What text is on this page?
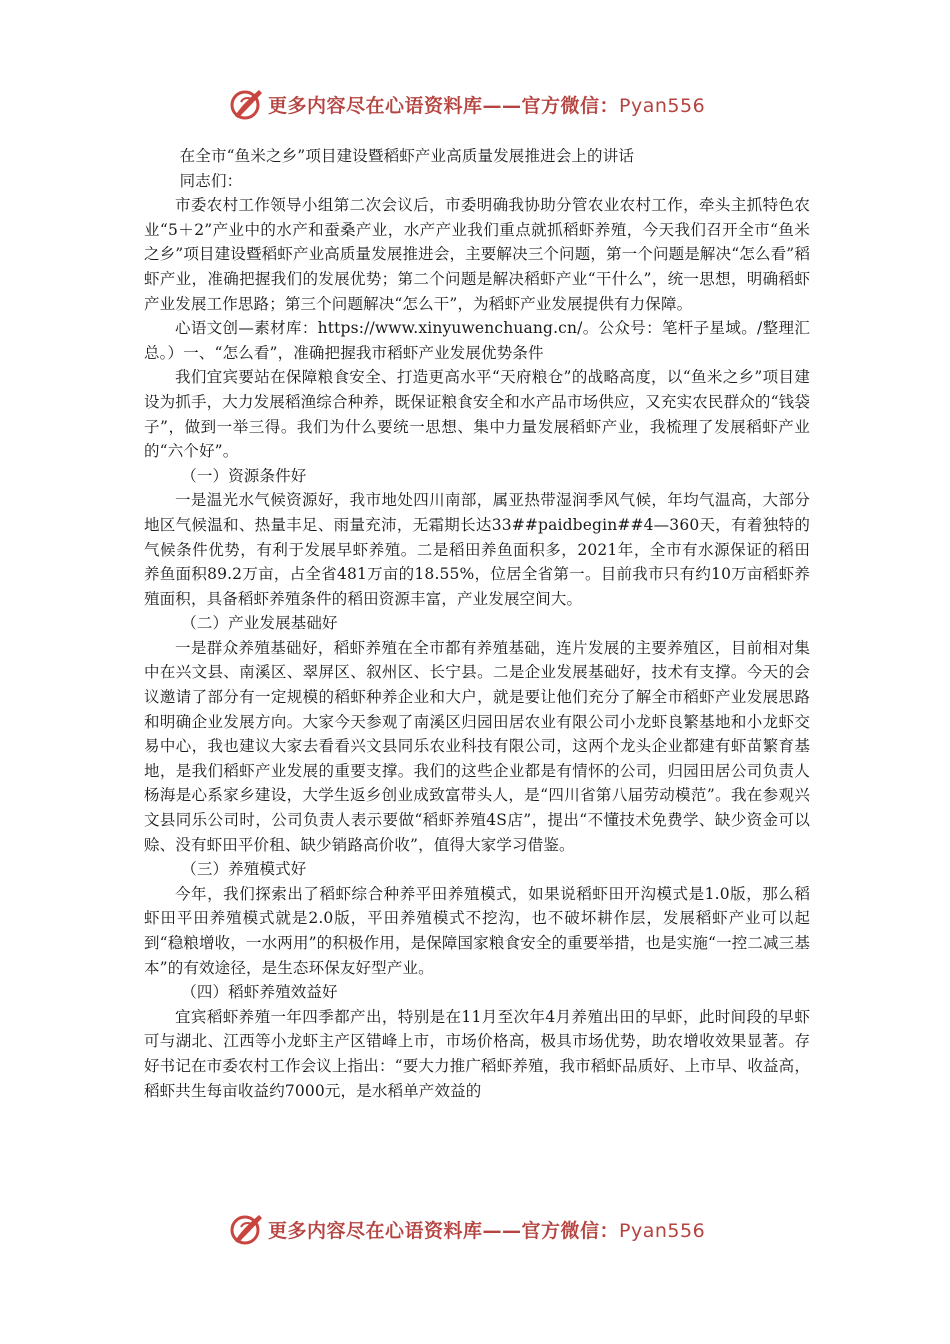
更多内容尽在心语资料库——官方微信：Pyan556

在全市“鱼米之乡”项目建设暨稻虾产业高质量发展推进会上的讲话

同志们：

市委农村工作领导小组第二次会议后，市委明确我协助分管农业农村工作，牵头主抓特色农业“5＋2”产业中的水产和蚕桑产业，水产产业我们重点就抓稻虾养殖，今天我们召开全市“鱼米之乡”项目建设暨稻虾产业高质量发展推进会，主要解决三个问题，第一个问题是解决“怎么看”稻虾产业，准确把握我们的发展优势；第二个问题是解决稻虾产业“干什么”，统一思想，明确稻虾产业发展工作思路；第三个问题解决“怎么干”，为稻虾产业发展提供有力保障。

心语文创—素材库：https://www.xinyuwenchuang.cn/。公众号：笔杆子星域。/整理汇总。）一、“怎么看”，准确把握我市稻虾产业发展优势条件

我们宜宾要站在保障粮食安全、打造更高水平“天府粮仓”的战略高度，以“鱼米之乡”项目建设为抓手，大力发展稻渔综合种养，既保证粮食安全和水产品市场供应，又充实农民群众的“钱袋子”，做到一举三得。我们为什么要统一思想、集中力量发展稻虾产业，我梳理了发展稻虾产业的“六个好”。

（一）资源条件好

一是温光水气候资源好，我市地处四川南部，属亚热带湿润季风气候，年均气温高，大部分地区气候温和、热量丰足、雨量充沛，无霜期长达33##paidbegin##4—360天，有着独特的气候条件优势，有利于发展早虾养殖。二是稻田养鱼面积多，2021年，全市有水源保证的稻田养鱼面积89.2万亩，占全省481万亩的18.55%，位居全省第一。目前我市只有约10万亩稻虾养殖面积，具备稻虾养殖条件的稻田资源丰富，产业发展空间大。

（二）产业发展基础好

一是群众养殖基础好，稻虾养殖在全市都有养殖基础，连片发展的主要养殖区，目前相对集中在兴文县、南溪区、翠屏区、叙州区、长宁县。二是企业发展基础好，技术有支撑。今天的会议邀请了部分有一定规模的稻虾种养企业和大户，就是要让他们充分了解全市稻虾产业发展思路和明确企业发展方向。大家今天参观了南溪区归园田居农业有限公司小龙虾良繁基地和小龙虾交易中心，我也建议大家去看看兴文县同乐农业科技有限公司，这两个龙头企业都建有虾苗繁育基地，是我们稻虾产业发展的重要支撑。我们的这些企业都是有情怀的公司，归园田居公司负责人杨海是心系家乡建设，大学生返乡创业成致富带头人，是“四川省第八届劳动模范”。我在参观兴文县同乐公司时，公司负责人表示要做“稻虾养殖4S店”，提出“不懂技术免费学、缺少资金可以赊、没有虾田平价租、缺少销路高价收”，值得大家学习借鉴。

（三）养殖模式好

今年，我们探索出了稻虾综合种养平田养殖模式，如果说稻虾田开沟模式是1.0版，那么稻虾田平田养殖模式就是2.0版，平田养殖模式不挖沟，也不破坏耕作层，发展稻虾产业可以起到“稳粮增收，一水两用”的积极作用，是保障国家粮食安全的重要举措，也是实施“一控二减三基本”的有效途径，是生态环保友好型产业。

（四）稻虾养殖效益好

宜宾稻虾养殖一年四季都产出，特别是在11月至次年4月养殖出田的早虾，此时间段的早虾可与湖北、江西等小龙虾主产区错峰上市，市场价格高，极具市场优势，助农增收效果显著。存好书记在市委农村工作会议上指出：“要大力推广稻虾养殖，我市稻虾品质好、上市早、收益高，稻虾共生每亩收益约7000元，是水稻单产效益的

更多内容尽在心语资料库——官方微信：Pyan556
